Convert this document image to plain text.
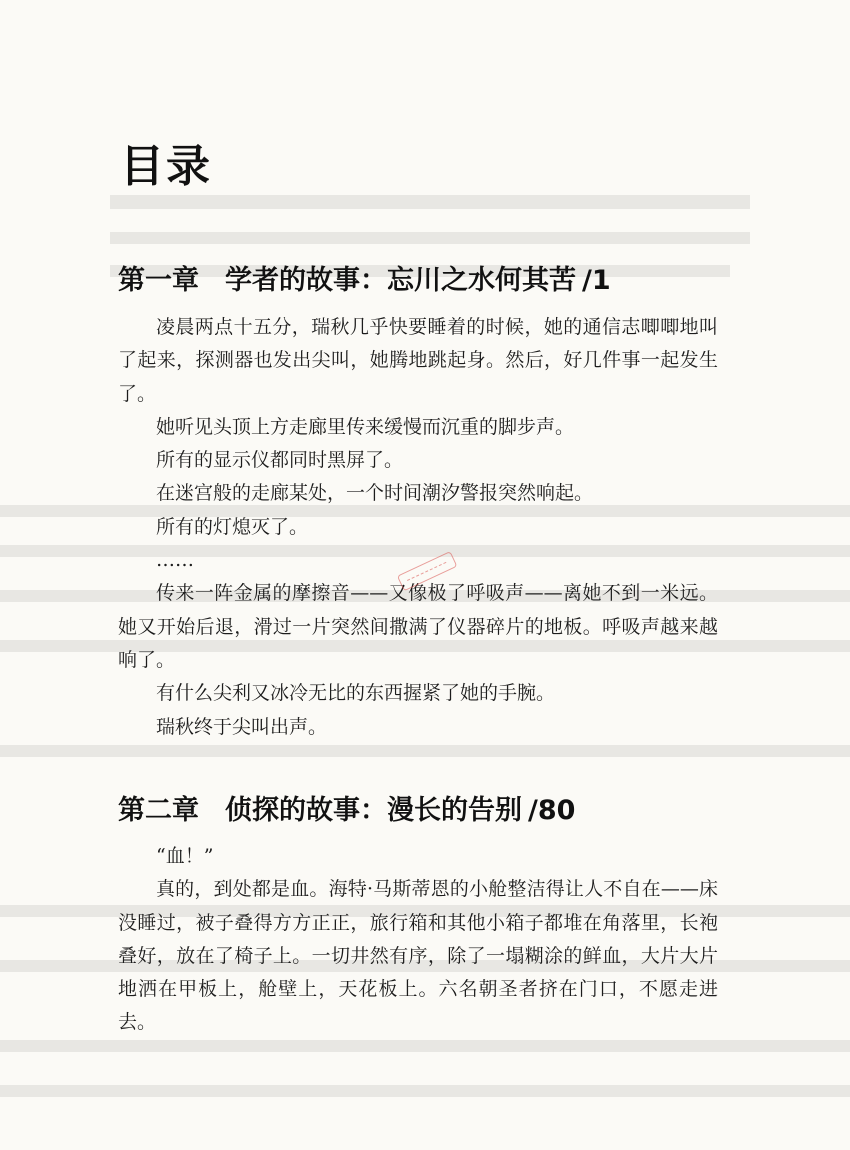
目录
第一章 学者的故事：忘川之水何其苦 /1

凌晨两点十五分，瑞秋几乎快要睡着的时候，她的通信志唧唧地叫了起来，探测器也发出尖叫，她腾地跳起身。然后，好几件事一起发生了。

她听见头顶上方走廊里传来缓慢而沉重的脚步声。

所有的显示仪都同时黑屏了。

在迷宫般的走廊某处，一个时间潮汐警报突然响起。

所有的灯熄灭了。

……

传来一阵金属的摩擦音——又像极了呼吸声——离她不到一米远。她又开始后退，滑过一片突然间撒满了仪器碎片的地板。呼吸声越来越响了。

有什么尖利又冰冷无比的东西握紧了她的手腕。

瑞秋终于尖叫出声。

第二章 侦探的故事：漫长的告别 /80

“血！”

真的，到处都是血。海特·马斯蒂恩的小舱整洁得让人不自在——床没睡过，被子叠得方方正正，旅行箱和其他小箱子都堆在角落里，长袍叠好，放在了椅子上。一切井然有序，除了一塌糊涂的鲜血，大片大片地洒在甲板上，舱壁上，天花板上。六名朝圣者挤在门口，不愿走进去。
